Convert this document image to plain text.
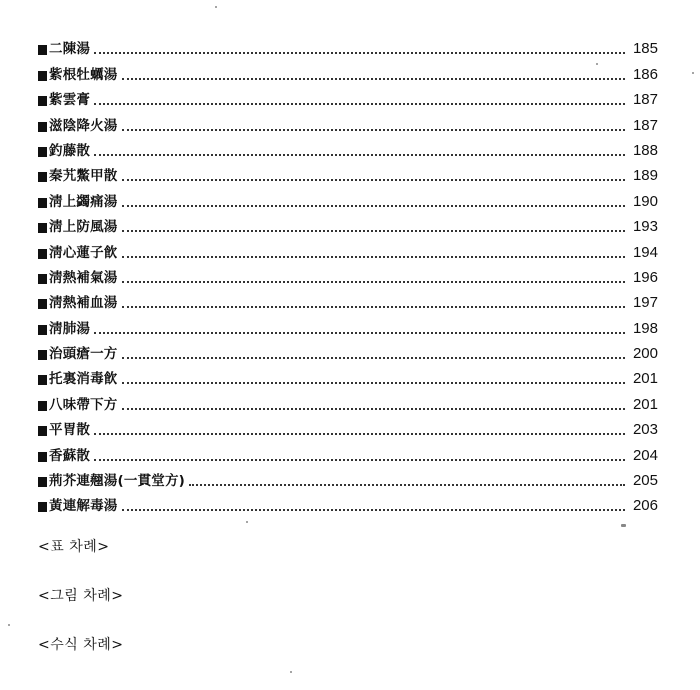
二陳湯	185
紫根牡蠣湯	186
紫雲膏	187
滋陰降火湯	187
釣藤散	188
秦艽鱉甲散	189
淸上蠲痛湯	190
淸上防風湯	193
淸心蓮子飮	194
淸熱補氣湯	196
淸熱補血湯	197
淸肺湯	198
治頭瘡一方	200
托裏消毒飮	201
八味帶下方	201
平胃散	203
香蘇散	204
荊芥連翹湯(一貫堂方)	205
黃連解毒湯	206
<표 차례>
<그림 차례>
<수식 차례>
